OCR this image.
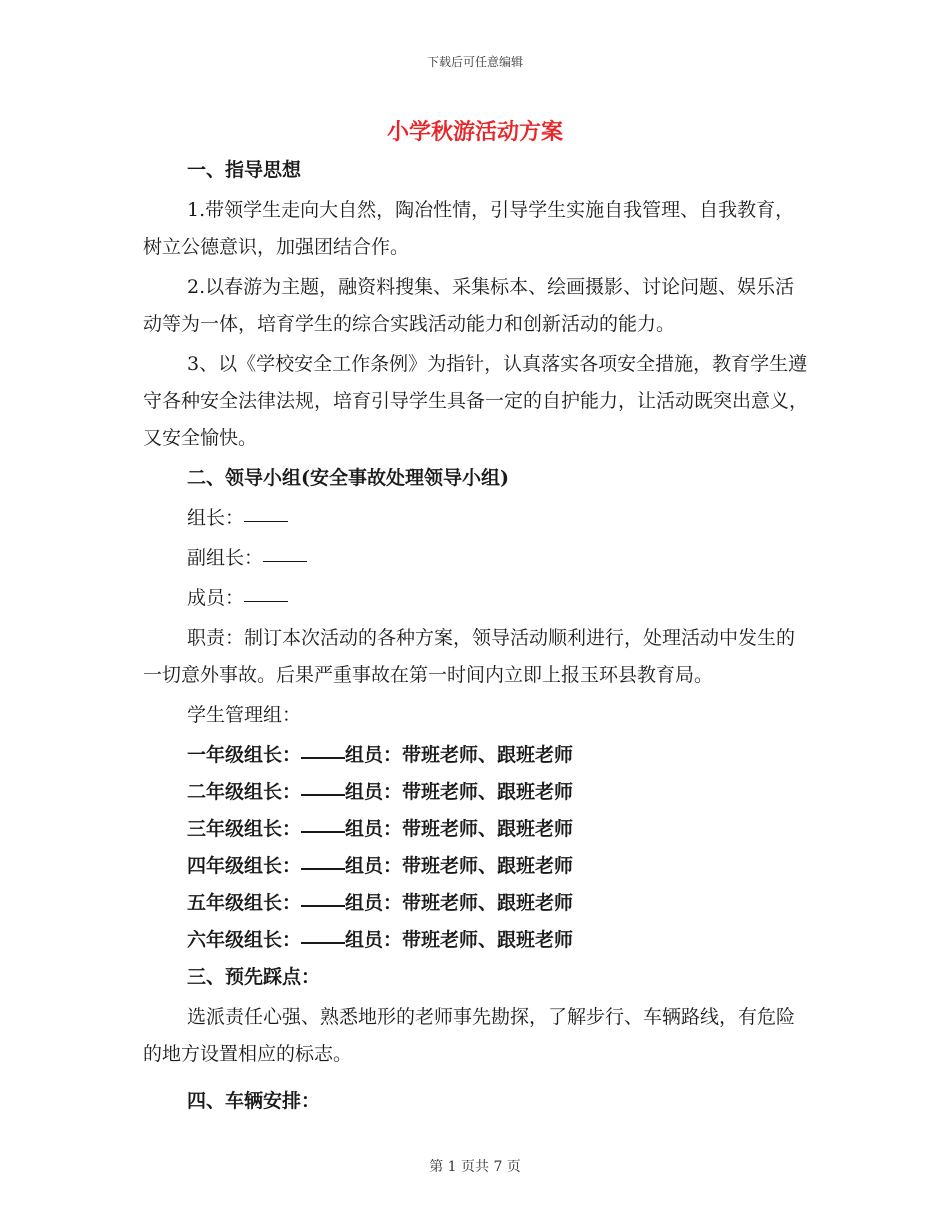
下载后可任意编辑
小学秋游活动方案

一、指导思想

1.带领学生走向大自然，陶冶性情，引导学生实施自我管理、自我教育，树立公德意识，加强团结合作。

2.以春游为主题，融资料搜集、采集标本、绘画摄影、讨论问题、娱乐活动等为一体，培育学生的综合实践活动能力和创新活动的能力。

3、以《学校安全工作条例》为指针，认真落实各项安全措施，教育学生遵守各种安全法律法规，培育引导学生具备一定的自护能力，让活动既突出意义，又安全愉快。

二、领导小组(安全事故处理领导小组)

组长：

副组长：

成员：

职责：制订本次活动的各种方案，领导活动顺利进行，处理活动中发生的一切意外事故。后果严重事故在第一时间内立即上报玉环县教育局。

学生管理组：

一年级组长： 组员：带班老师、跟班老师

二年级组长： 组员：带班老师、跟班老师

三年级组长： 组员：带班老师、跟班老师

四年级组长： 组员：带班老师、跟班老师

五年级组长： 组员：带班老师、跟班老师

六年级组长： 组员：带班老师、跟班老师

三、预先踩点：

选派责任心强、熟悉地形的老师事先勘探，了解步行、车辆路线，有危险的地方设置相应的标志。

四、车辆安排：

第 1 页共 7 页
